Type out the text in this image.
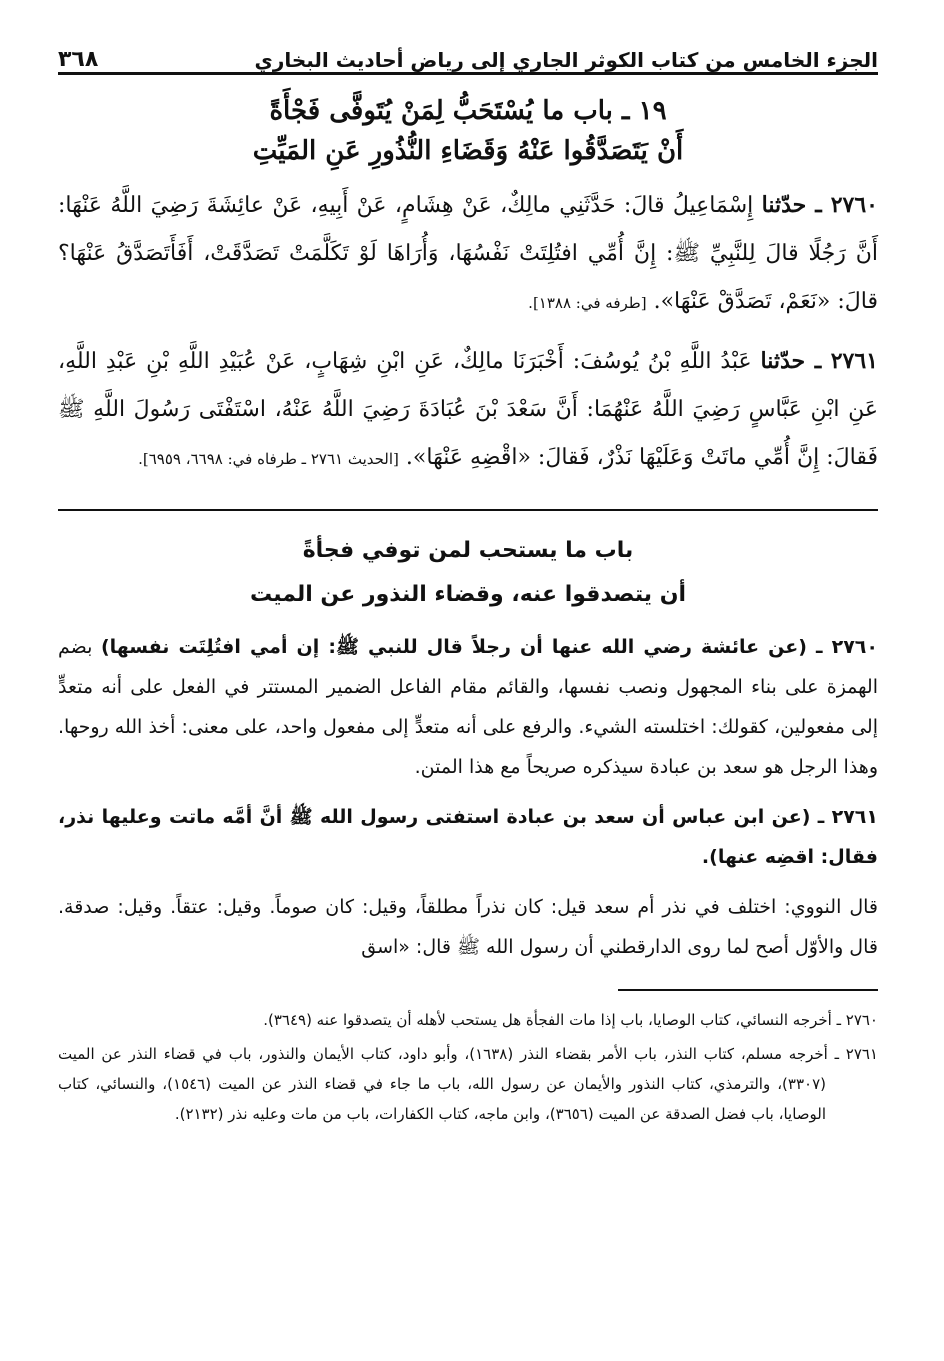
الجزء الخامس من كتاب الكوثر الجاري إلى رياض أحاديث البخاري
٣٦٨
١٩ ـ باب ما يُسْتَحَبُّ لِمَنْ يُتَوفَّى فَجْأَةً
أَنْ يَتَصَدَّقُوا عَنْهُ وَقَضَاءِ النُّذُورِ عَنِ المَيِّتِ
٢٧٦٠ ـ حدّثنا إِسْمَاعِيلُ قالَ: حَدَّثَنِي مالِكٌ، عَنْ هِشَامٍ، عَنْ أَبِيهِ، عَنْ عائِشَةَ رَضِيَ اللَّهُ عَنْهَا: أَنَّ رَجُلًا قالَ لِلنَّبِيِّ ﷺ: إِنَّ أُمِّي افتُلِتَتْ نَفْسُهَا، وَأُرَاهَا لَوْ تَكَلَّمَتْ تَصَدَّقَتْ، أَفَأَتَصَدَّقُ عَنْهَا؟ قالَ: «نَعَمْ، تَصَدَّقْ عَنْهَا». [طرفه في: ١٣٨٨].
٢٧٦١ ـ حدّثنا عَبْدُ اللَّهِ بْنُ يُوسُفَ: أَخْبَرَنَا مالِكٌ، عَنِ ابْنِ شِهَابٍ، عَنْ عُبَيْدِ اللَّهِ بْنِ عَبْدِ اللَّهِ، عَنِ ابْنِ عَبَّاسٍ رَضِيَ اللَّهُ عَنْهُمَا: أَنَّ سَعْدَ بْنَ عُبَادَةَ رَضِيَ اللَّهُ عَنْهُ، اسْتَفْتَى رَسُولَ اللَّهِ ﷺ فَقالَ: إِنَّ أُمِّي ماتَتْ وَعَلَيْهَا نَذْرٌ، فَقالَ: «اقْضِهِ عَنْهَا». [الحديث ٢٧٦١ ـ طرفاه في: ٦٦٩٨، ٦٩٥٩].
باب ما يستحب لمن توفي فجأةً
أن يتصدقوا عنه، وقضاء النذور عن الميت
٢٧٦٠ ـ (عن عائشة رضي الله عنها أن رجلاً قال للنبي ﷺ: إن أمي افتُلِتَت نفسها) بضم الهمزة على بناء المجهول ونصب نفسها، والقائم مقام الفاعل الضمير المستتر في الفعل على أنه متعدٍّ إلى مفعولين، كقولك: اختلسته الشيء. والرفع على أنه متعدٍّ إلى مفعول واحد، على معنى: أخذ الله روحها. وهذا الرجل هو سعد بن عبادة سيذكره صريحاً مع هذا المتن.
٢٧٦١ ـ (عن ابن عباس أن سعد بن عبادة استفتى رسول الله ﷺ أنَّ أمَّه ماتت وعليها نذر، فقال: اقضِه عنها).
قال النووي: اختلف في نذر أم سعد قيل: كان نذراً مطلقاً، وقيل: كان صوماً. وقيل: عتقاً. وقيل: صدقة. قال والأوّل أصح لما روى الدارقطني أن رسول الله ﷺ قال: «اسق

٢٧٦٠ ـ أخرجه النسائي، كتاب الوصايا، باب إذا مات الفجأة هل يستحب لأهله أن يتصدقوا عنه (٣٦٤٩).

٢٧٦١ ـ أخرجه مسلم، كتاب النذر، باب الأمر بقضاء النذر (١٦٣٨)، وأبو داود، كتاب الأيمان والنذور، باب في قضاء النذر عن الميت (٣٣٠٧)، والترمذي، كتاب النذور والأيمان عن رسول الله، باب ما جاء في قضاء النذر عن الميت (١٥٤٦)، والنسائي، كتاب الوصايا، باب فضل الصدقة عن الميت (٣٦٥٦)، وابن ماجه، كتاب الكفارات، باب من مات وعليه نذر (٢١٣٢).
